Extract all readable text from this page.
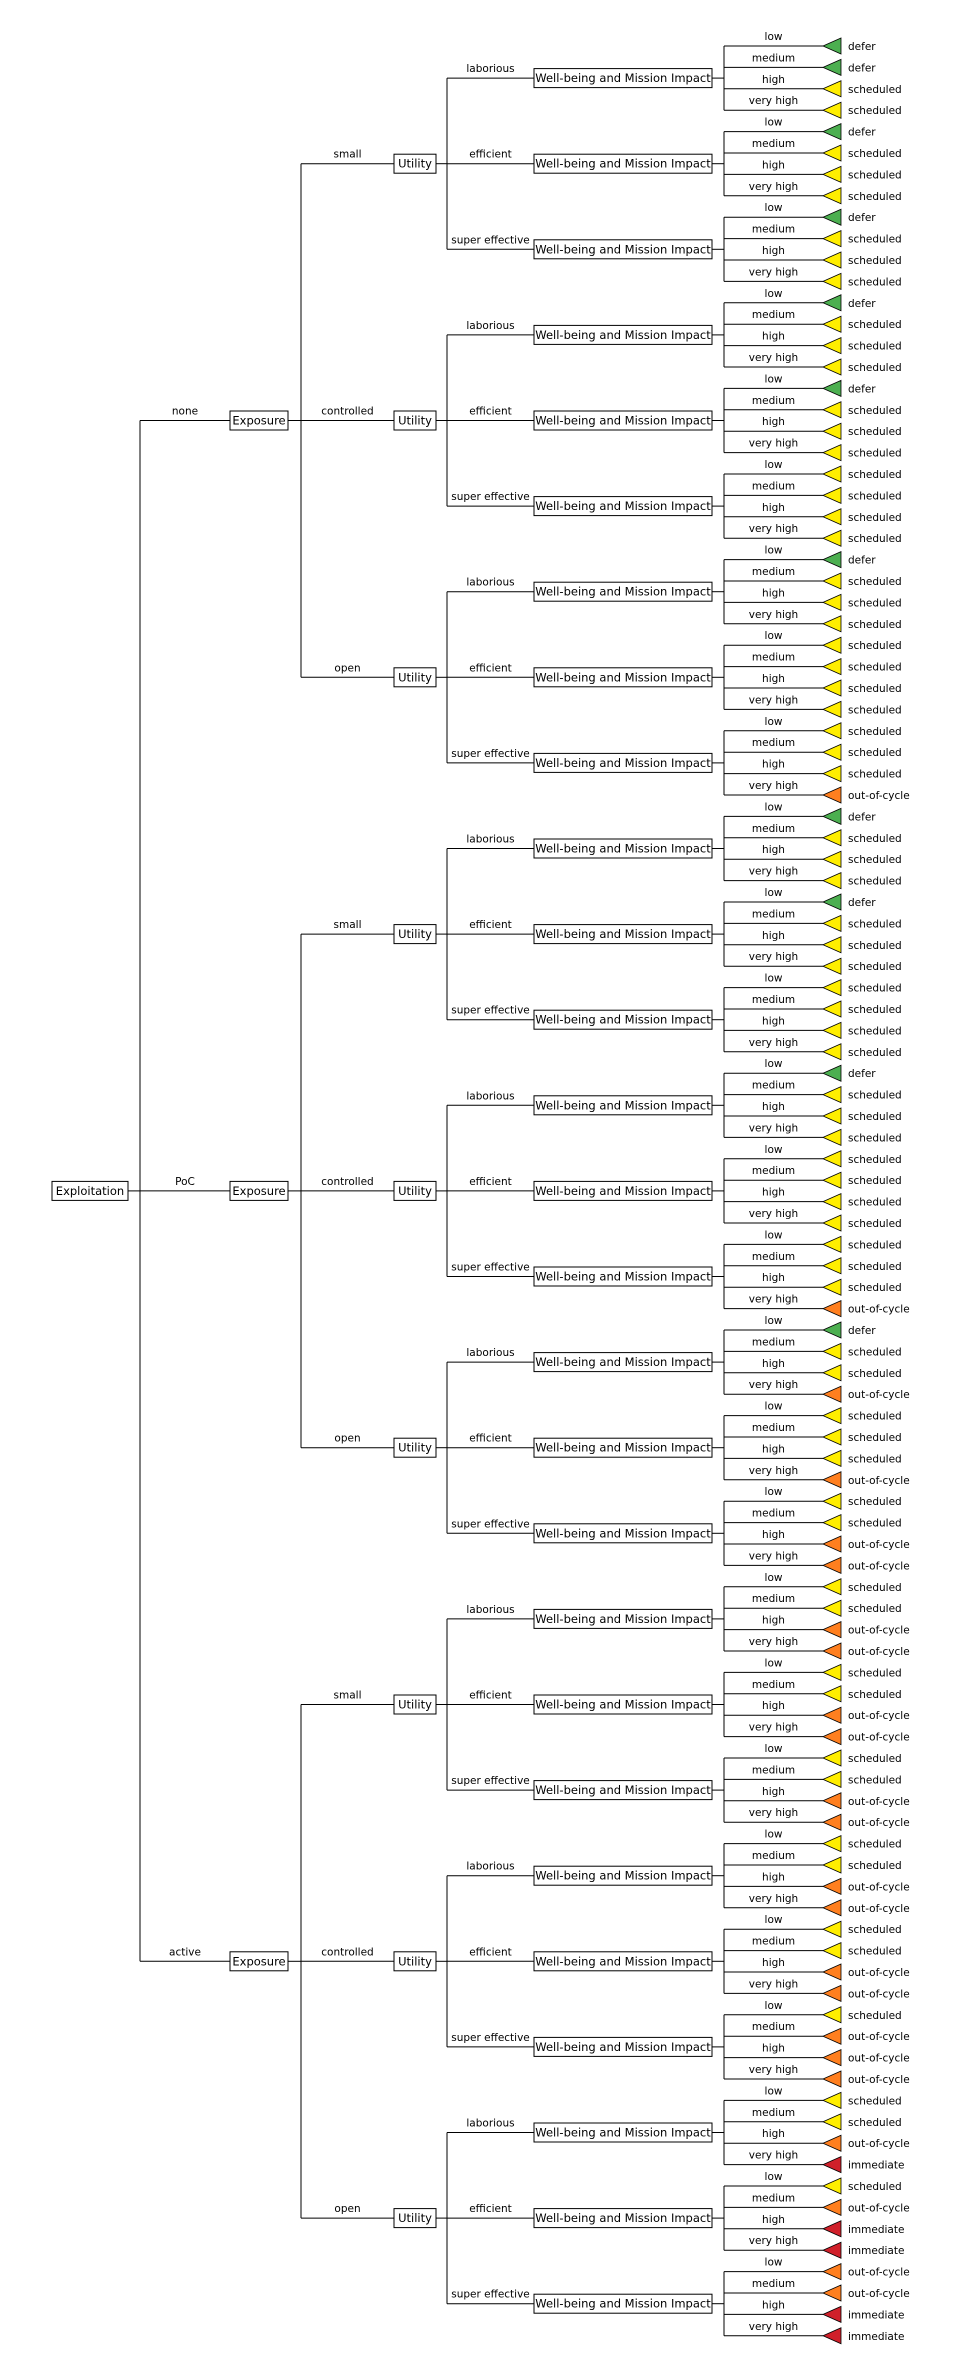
none
small
laborious
low
defer
medium
defer
high
scheduled
very high
scheduled
efficient
low
defer
medium
scheduled
high
scheduled
very high
scheduled
super effective
low
defer
medium
scheduled
high
scheduled
very high
scheduled
Utility
Well-being and Mission Impact
Well-being and Mission Impact
Well-being and Mission Impact
controlled
laborious
low
defer
medium
scheduled
high
scheduled
very high
scheduled
efficient
low
defer
medium
scheduled
high
scheduled
very high
scheduled
super effective
low
scheduled
medium
scheduled
high
scheduled
very high
scheduled
Utility
Well-being and Mission Impact
Well-being and Mission Impact
Well-being and Mission Impact
open
laborious
low
defer
medium
scheduled
high
scheduled
very high
scheduled
efficient
low
scheduled
medium
scheduled
high
scheduled
very high
scheduled
super effective
low
scheduled
medium
scheduled
high
scheduled
very high
out-of-cycle
Utility
Well-being and Mission Impact
Well-being and Mission Impact
Well-being and Mission Impact
Exposure
PoC
small
laborious
low
defer
medium
scheduled
high
scheduled
very high
scheduled
efficient
low
defer
medium
scheduled
high
scheduled
very high
scheduled
super effective
low
scheduled
medium
scheduled
high
scheduled
very high
scheduled
Utility
Well-being and Mission Impact
Well-being and Mission Impact
Well-being and Mission Impact
controlled
laborious
low
defer
medium
scheduled
high
scheduled
very high
scheduled
efficient
low
scheduled
medium
scheduled
high
scheduled
very high
scheduled
super effective
low
scheduled
medium
scheduled
high
scheduled
very high
out-of-cycle
Utility
Well-being and Mission Impact
Well-being and Mission Impact
Well-being and Mission Impact
open
laborious
low
defer
medium
scheduled
high
scheduled
very high
out-of-cycle
efficient
low
scheduled
medium
scheduled
high
scheduled
very high
out-of-cycle
super effective
low
scheduled
medium
scheduled
high
out-of-cycle
very high
out-of-cycle
Utility
Well-being and Mission Impact
Well-being and Mission Impact
Well-being and Mission Impact
Exposure
active
small
laborious
low
scheduled
medium
scheduled
high
out-of-cycle
very high
out-of-cycle
efficient
low
scheduled
medium
scheduled
high
out-of-cycle
very high
out-of-cycle
super effective
low
scheduled
medium
scheduled
high
out-of-cycle
very high
out-of-cycle
Utility
Well-being and Mission Impact
Well-being and Mission Impact
Well-being and Mission Impact
controlled
laborious
low
scheduled
medium
scheduled
high
out-of-cycle
very high
out-of-cycle
efficient
low
scheduled
medium
scheduled
high
out-of-cycle
very high
out-of-cycle
super effective
low
scheduled
medium
out-of-cycle
high
out-of-cycle
very high
out-of-cycle
Utility
Well-being and Mission Impact
Well-being and Mission Impact
Well-being and Mission Impact
open
laborious
low
scheduled
medium
scheduled
high
out-of-cycle
very high
immediate
efficient
low
scheduled
medium
out-of-cycle
high
immediate
very high
immediate
super effective
low
out-of-cycle
medium
out-of-cycle
high
immediate
very high
immediate
Utility
Well-being and Mission Impact
Well-being and Mission Impact
Well-being and Mission Impact
Exposure
Exploitation
